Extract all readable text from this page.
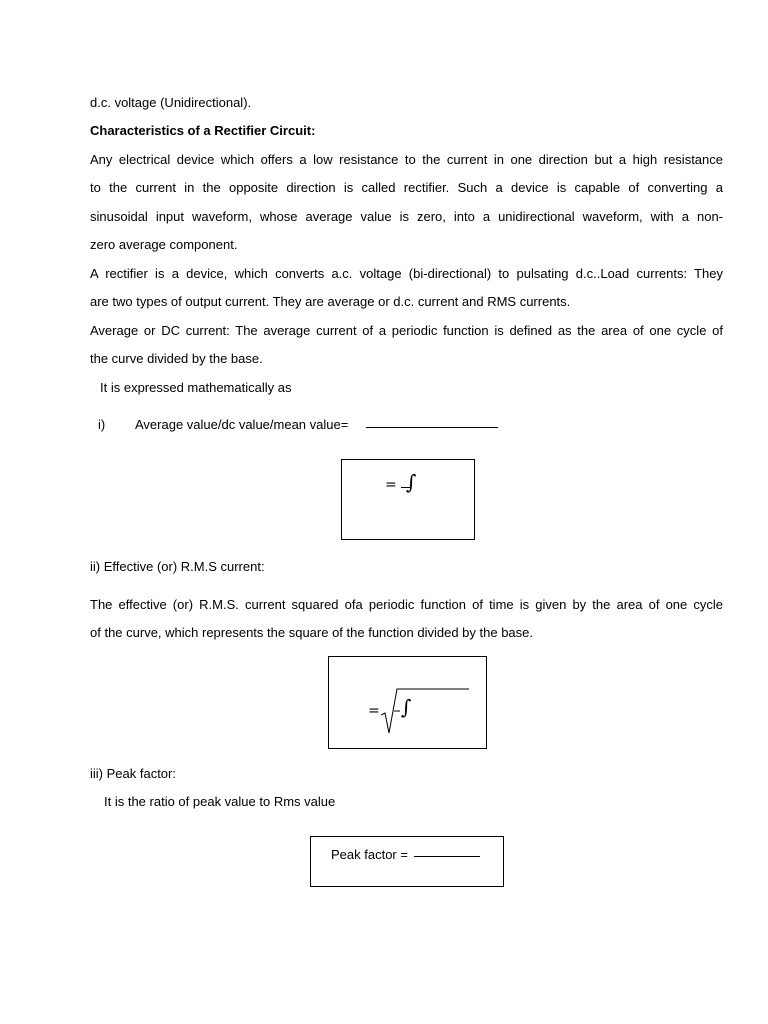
d.c. voltage (Unidirectional).
Characteristics of a Rectifier Circuit:
Any electrical device which offers a low resistance to the current in one direction but a high resistance
to the current in the opposite direction is called rectifier. Such a device is capable of converting a
sinusoidal input waveform, whose average value is zero, into a unidirectional waveform, with a non-
zero average component.
A rectifier is a device, which converts a.c. voltage (bi-directional) to pulsating d.c..Load currents: They
are two types of output current. They are average or d.c. current and RMS currents.
Average or DC current: The average current of a periodic function is defined as the area of one cycle of
the curve divided by the base.
It is expressed mathematically as
i) Average value/dc value/mean value=
= ∫
ii) Effective (or) R.M.S current:
The effective (or) R.M.S. current squared ofa periodic function of time is given by the area of one cycle
of the curve, which represents the square of the function divided by the base.
= ∫
iii) Peak factor:
It is the ratio of peak value to Rms value
Peak factor =
